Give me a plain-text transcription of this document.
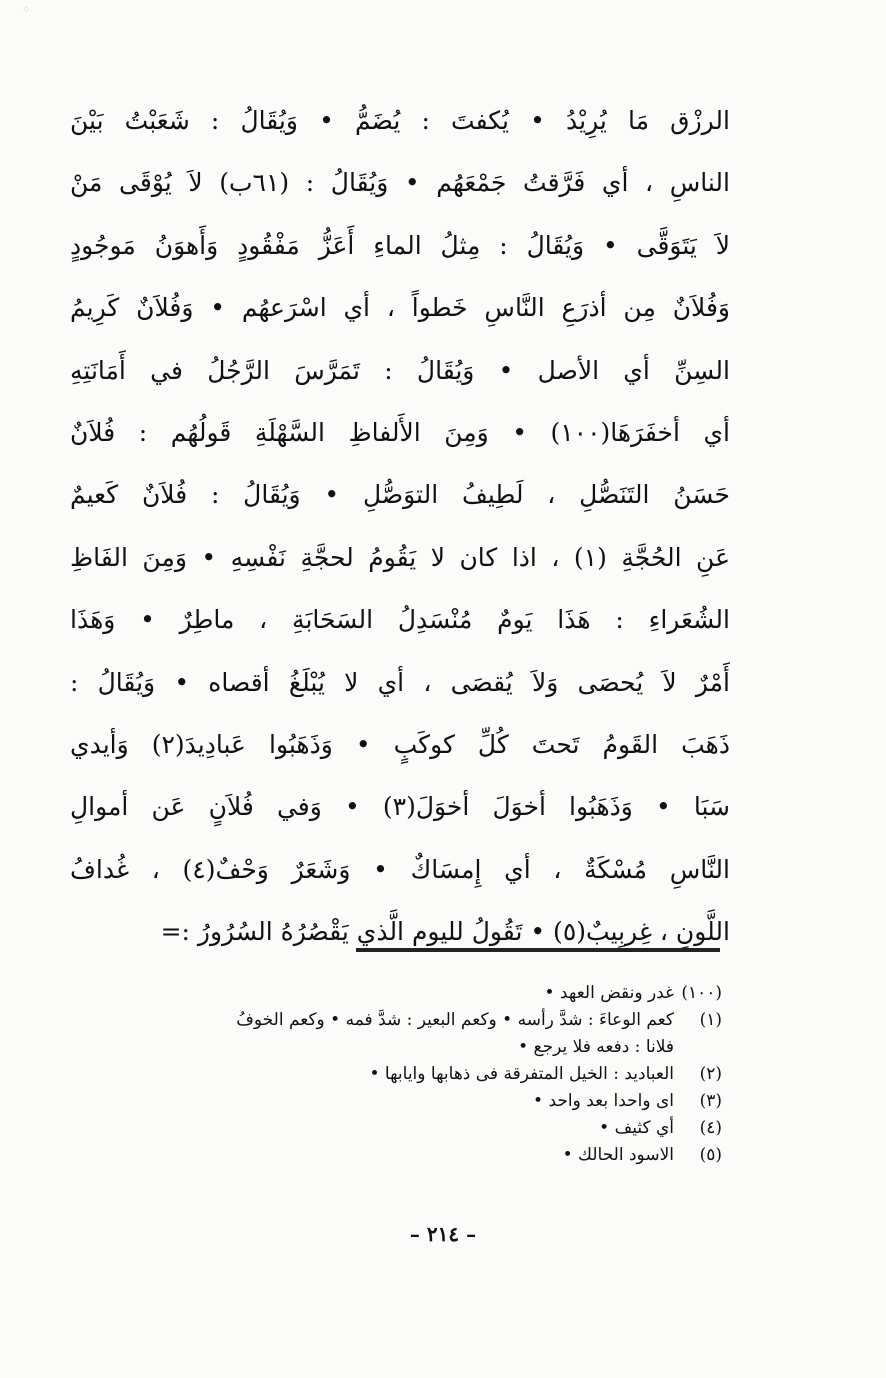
⁘
الرزْق مَا يُرِيْدُ • يُكفتَ : يُضَمُّ • وَيُقَالُ : شَعَبْتُ بَيْنَ
الناسِ ، أي فَرَّقتُ جَمْعَهُم • وَيُقَالُ : (٦١ب) لاَ يُوْقَى مَنْ
لاَ يَتَوَقَّى • وَيُقَالُ : مِثلُ الماءِ أَعَزُّ مَفْقُودٍ وَأَهوَنُ مَوجُودٍ
وَفُلاَنٌ مِن أذرَعِ النَّاسِ خَطواً ، أي اسْرَعهُم • وَفُلاَنٌ كَرِيمُ
السِنِّ أي الأصل • وَيُقَالُ : تَمَرَّسَ الرَّجُلُ في أَمَانَتِهِ
أي أخفَرَهَا(١٠٠) • وَمِنَ الأَلفاظِ السَّهْلَةِ قَولُهُم : فُلاَنٌ
حَسَنُ التَنَصُّلِ ، لَطِيفُ التوَصُّلِ • وَيُقَالُ : فُلاَنٌ كَعيمٌ
عَنِ الحُجَّةِ (١) ، اذا كان لا يَقُومُ لحجَّةِ نَفْسِهِ • وَمِنَ الفَاظِ
الشُعَراءِ : هَذَا يَومٌ مُنْسَدِلُ السَحَابَةِ ، ماطِرٌ • وَهَذَا
أَمْرٌ لاَ يُحصَى وَلاَ يُقصَى ، أي لا يُبْلَغُ أقصاه • وَيُقَالُ :
ذَهَبَ القَومُ تَحتَ كُلِّ كوكَبٍ • وَذَهَبُوا عَبادِيدَ(٢) وَأيدي
سَبَا • وَذَهَبُوا أخوَلَ أخوَلَ(٣) • وَفي فُلاَنٍ عَن أموالِ
النَّاسِ مُسْكَةٌ ، أي إِمسَاكٌ • وَشَعَرٌ وَحْفٌ(٤) ، غُدافُ
اللَّونِ ، غِربِيبٌ(٥) • تَقُولُ لليومِ الَّذي يَقْصُرُهُ السُرُورُ :=
(١٠٠)
غدر ونقض العهد •
(١)
كعم الوعاءَ : شدَّ رأسه • وكعم البعير : شدَّ فمه • وكعم الخوفُ
فلانا : دفعه فلا يرجع •
(٢)
العباديد : الخيل المتفرقة فى ذهابها وايابها •
(٣)
اى واحدا بعد واحد •
(٤)
أي كثيف •
(٥)
الاسود الحالك •
– ٢١٤ –
